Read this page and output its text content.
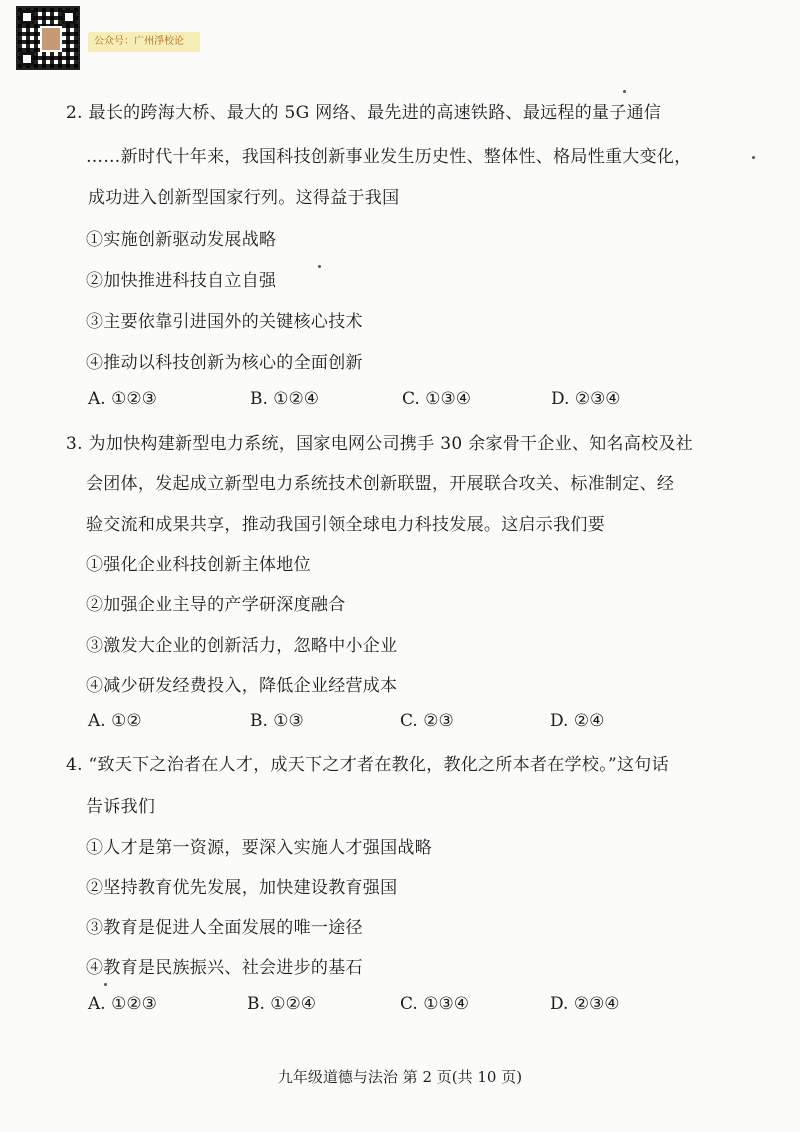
公众号：广州淨校论
2. 最长的跨海大桥、最大的 5G 网络、最先进的高速铁路、最远程的量子通信
……新时代十年来，我国科技创新事业发生历史性、整体性、格局性重大变化，
成功进入创新型国家行列。这得益于我国
①实施创新驱动发展战略
②加快推进科技自立自强
③主要依靠引进国外的关键核心技术
④推动以科技创新为核心的全面创新
A. ①②③	B. ①②④	C. ①③④	D. ②③④
3. 为加快构建新型电力系统，国家电网公司携手 30 余家骨干企业、知名高校及社
会团体，发起成立新型电力系统技术创新联盟，开展联合攻关、标准制定、经
验交流和成果共享，推动我国引领全球电力科技发展。这启示我们要
①强化企业科技创新主体地位
②加强企业主导的产学研深度融合
③激发大企业的创新活力，忽略中小企业
④减少研发经费投入，降低企业经营成本
A. ①②	B. ①③	C. ②③	D. ②④
4. “致天下之治者在人才，成天下之才者在教化，教化之所本者在学校。”这句话
告诉我们
①人才是第一资源，要深入实施人才强国战略
②坚持教育优先发展，加快建设教育强国
③教育是促进人全面发展的唯一途径
④教育是民族振兴、社会进步的基石
A. ①②③	B. ①②④	C. ①③④	D. ②③④
九年级道德与法治 第 2 页(共 10 页)
